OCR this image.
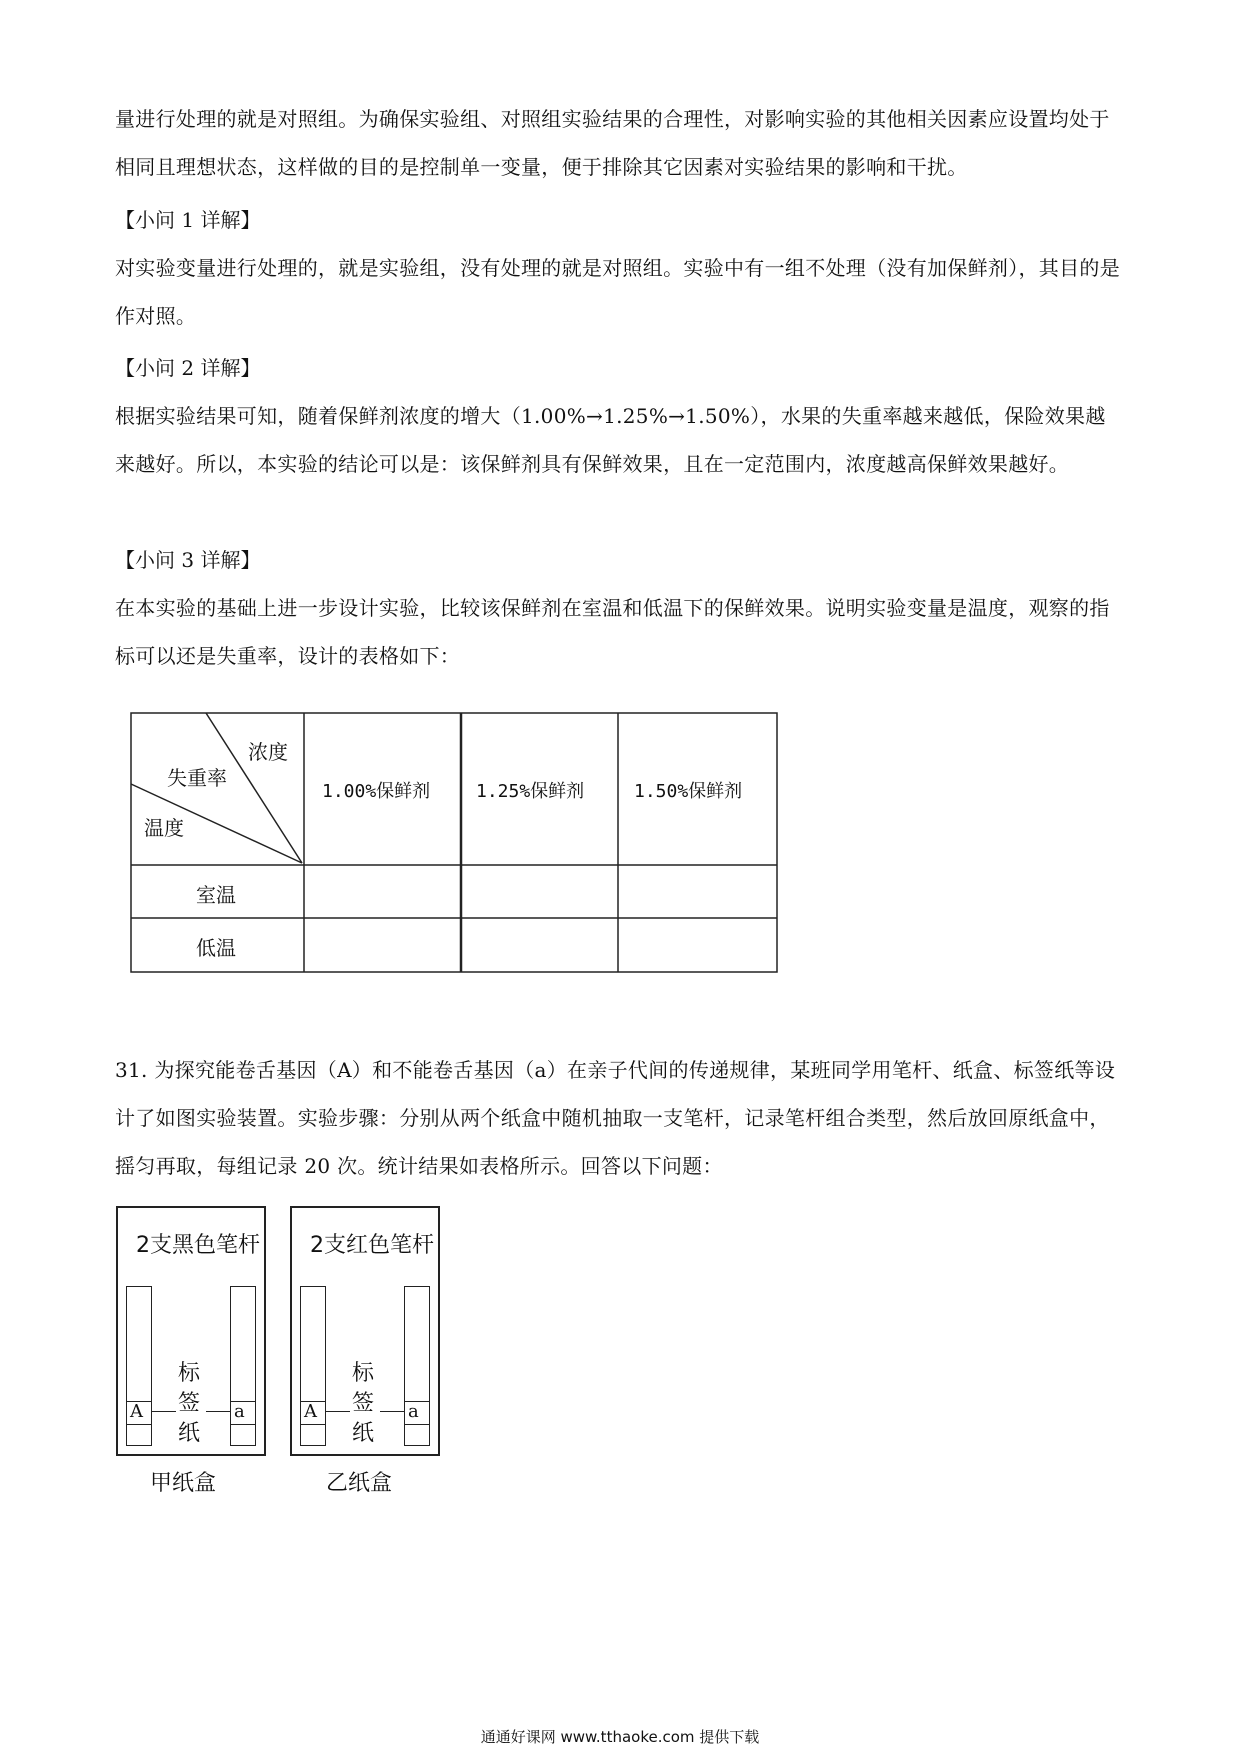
量进行处理的就是对照组。为确保实验组、对照组实验结果的合理性，对影响实验的其他相关因素应设置均处于相同且理想状态，这样做的目的是控制单一变量，便于排除其它因素对实验结果的影响和干扰。

【小问 1 详解】

对实验变量进行处理的，就是实验组，没有处理的就是对照组。实验中有一组不处理（没有加保鲜剂），其目的是作对照。

【小问 2 详解】

根据实验结果可知，随着保鲜剂浓度的增大（1.00%→1.25%→1.50%），水果的失重率越来越低，保险效果越来越好。所以，本实验的结论可以是：该保鲜剂具有保鲜效果，且在一定范围内，浓度越高保鲜效果越好。

【小问 3 详解】

在本实验的基础上进一步设计实验，比较该保鲜剂在室温和低温下的保鲜效果。说明实验变量是温度，观察的指标可以还是失重率，设计的表格如下：

浓度
失重率
温度
1.00%保鲜剂	1.25%保鲜剂	1.50%保鲜剂
室温
低温

31. 为探究能卷舌基因（A）和不能卷舌基因（a）在亲子代间的传递规律，某班同学用笔杆、纸盒、标签纸等设计了如图实验装置。实验步骤：分别从两个纸盒中随机抽取一支笔杆，记录笔杆组合类型，然后放回原纸盒中，摇匀再取，每组记录 20 次。统计结果如表格所示。回答以下问题：

2支黑色笔杆
A	a
标
签
纸
甲纸盒
2支红色笔杆
A	a
标
签
纸
乙纸盒
通通好课网 www.tthaoke.com 提供下载
